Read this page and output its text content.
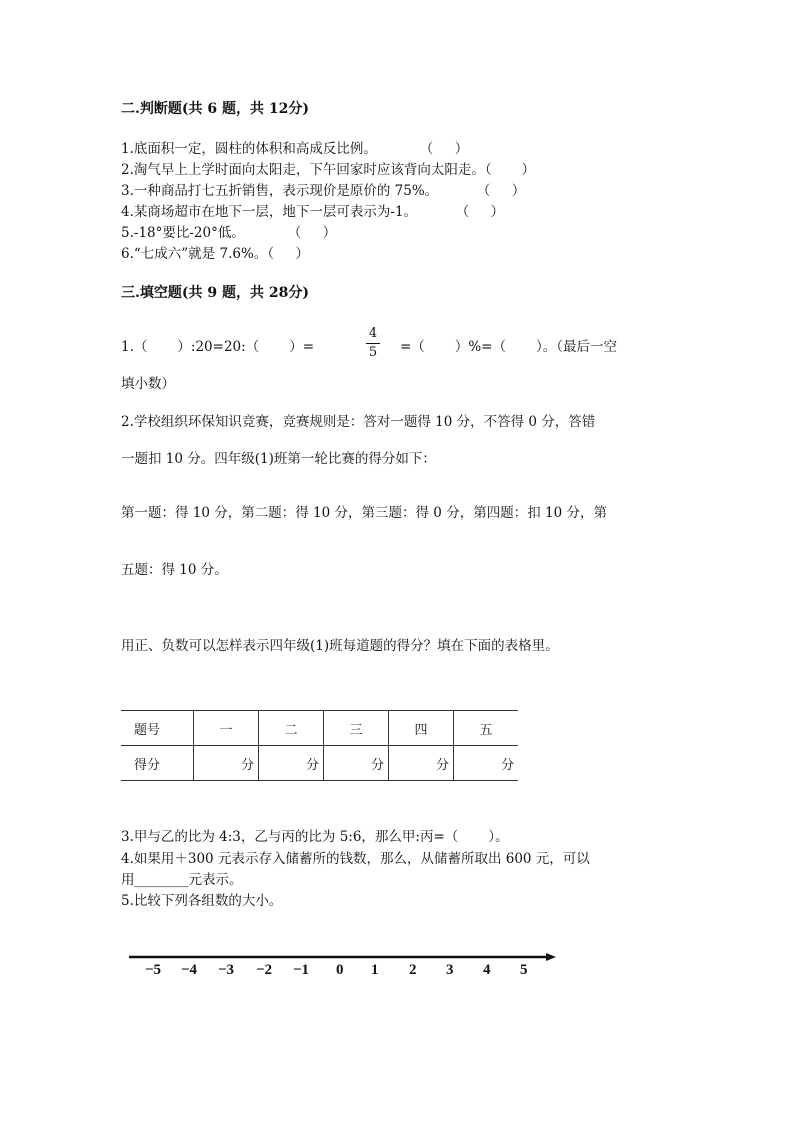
二.判断题(共 6 题，共 12分)
1.底面积一定，圆柱的体积和高成反比例。          （     ）
2.淘气早上上学时面向太阳走，下午回家时应该背向太阳走。（       ）
3.一种商品打七五折销售，表示现价是原价的 75%。         （     ）
4.某商场超市在地下一层，地下一层可表示为-1。         （     ）
5.-18°要比-20°低。          （     ）
6.“七成六”就是 7.6%。（     ）
三.填空题(共 9 题，共 28分)
1.（       ）:20=20:（       ）=
4
5	=（       ）%=（       ）。（最后一空
填小数）
2.学校组织环保知识竞赛，竞赛规则是：答对一题得 10 分，不答得 0 分，答错
一题扣 10 分。四年级(1)班第一轮比赛的得分如下：
第一题：得 10 分，第二题：得 10 分，第三题：得 0 分，第四题：扣 10 分，第
五题：得 10 分。
用正、负数可以怎样表示四年级(1)班每道题的得分？填在下面的表格里。
题号	一	二	三	四	五
得分	分	分	分	分	分
3.甲与乙的比为 4:3，乙与丙的比为 5:6，那么甲:丙=（       ）。
4.如果用＋300 元表示存入储蓄所的钱数，那么，从储蓄所取出 600 元，可以
用________元表示。
5.比较下列各组数的大小。
−5 −4 −3 −2 −1 0 1 2 3 4 5
